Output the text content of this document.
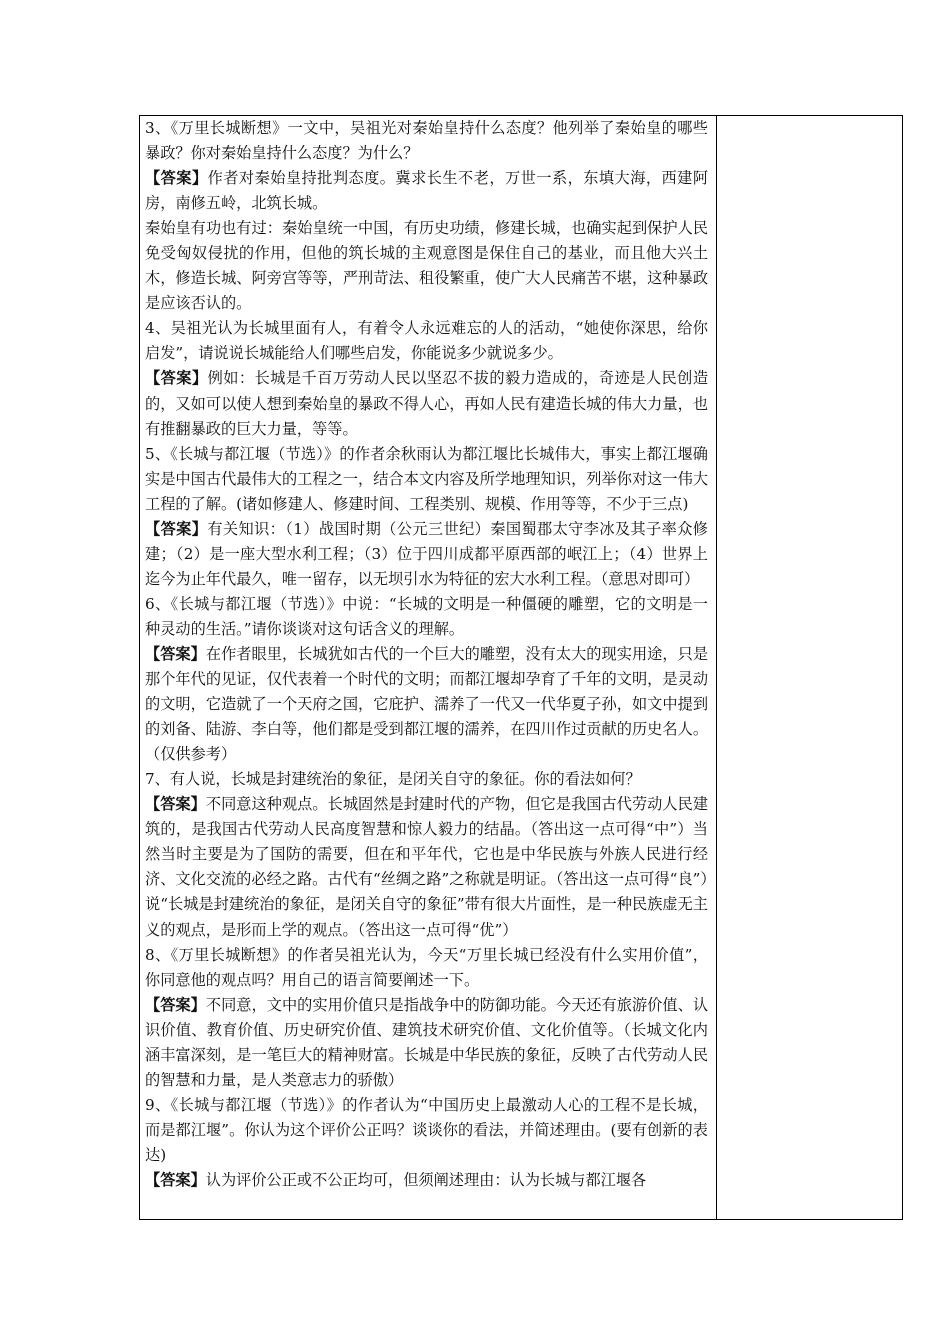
3、《万里长城断想》一文中，吴祖光对秦始皇持什么态度？他列举了秦始皇的哪些暴政？你对秦始皇持什么态度？为什么？

【答案】作者对秦始皇持批判态度。冀求长生不老，万世一系，东填大海，西建阿房，南修五岭，北筑长城。

秦始皇有功也有过：秦始皇统一中国，有历史功绩，修建长城，也确实起到保护人民免受匈奴侵扰的作用，但他的筑长城的主观意图是保住自己的基业，而且他大兴土木，修造长城、阿旁宫等等，严刑苛法、租役繁重，使广大人民痛苦不堪，这种暴政是应该否认的。

4、吴祖光认为长城里面有人，有着令人永远难忘的人的活动，“她使你深思，给你启发”，请说说长城能给人们哪些启发，你能说多少就说多少。

【答案】例如：长城是千百万劳动人民以坚忍不拔的毅力造成的，奇迹是人民创造的，又如可以使人想到秦始皇的暴政不得人心，再如人民有建造长城的伟大力量，也有推翻暴政的巨大力量，等等。

5、《长城与都江堰（节选）》的作者余秋雨认为都江堰比长城伟大，事实上都江堰确实是中国古代最伟大的工程之一，结合本文内容及所学地理知识，列举你对这一伟大工程的了解。(诸如修建人、修建时间、工程类别、规模、作用等等，不少于三点)

【答案】有关知识：（1）战国时期（公元三世纪）秦国蜀郡太守李冰及其子率众修建；（2）是一座大型水利工程；（3）位于四川成都平原西部的岷江上；（4）世界上迄今为止年代最久，唯一留存，以无坝引水为特征的宏大水利工程。（意思对即可）

6、《长城与都江堰（节选）》中说：“长城的文明是一种僵硬的雕塑，它的文明是一种灵动的生活。”请你谈谈对这句话含义的理解。

【答案】在作者眼里，长城犹如古代的一个巨大的雕塑，没有太大的现实用途，只是那个年代的见证，仅代表着一个时代的文明；而都江堰却孕育了千年的文明，是灵动的文明，它造就了一个天府之国，它庇护、濡养了一代又一代华夏子孙，如文中提到的刘备、陆游、李白等，他们都是受到都江堰的濡养，在四川作过贡献的历史名人。（仅供参考）

7、有人说，长城是封建统治的象征，是闭关自守的象征。你的看法如何？

【答案】不同意这种观点。长城固然是封建时代的产物，但它是我国古代劳动人民建筑的，是我国古代劳动人民高度智慧和惊人毅力的结晶。（答出这一点可得“中”）当然当时主要是为了国防的需要，但在和平年代，它也是中华民族与外族人民进行经济、文化交流的必经之路。古代有“丝绸之路”之称就是明证。（答出这一点可得“良”）说“长城是封建统治的象征，是闭关自守的象征”带有很大片面性，是一种民族虚无主义的观点，是形而上学的观点。（答出这一点可得“优”）

8、《万里长城断想》的作者吴祖光认为，今天“万里长城已经没有什么实用价值”，你同意他的观点吗？用自己的语言简要阐述一下。

【答案】不同意，文中的实用价值只是指战争中的防御功能。今天还有旅游价值、认识价值、教育价值、历史研究价值、建筑技术研究价值、文化价值等。（长城文化内涵丰富深刻，是一笔巨大的精神财富。长城是中华民族的象征，反映了古代劳动人民的智慧和力量，是人类意志力的骄傲）

9、《长城与都江堰（节选）》的作者认为“中国历史上最激动人心的工程不是长城，而是都江堰”。你认为这个评价公正吗？谈谈你的看法，并简述理由。(要有创新的表达)

【答案】认为评价公正或不公正均可，但须阐述理由：认为长城与都江堰各
